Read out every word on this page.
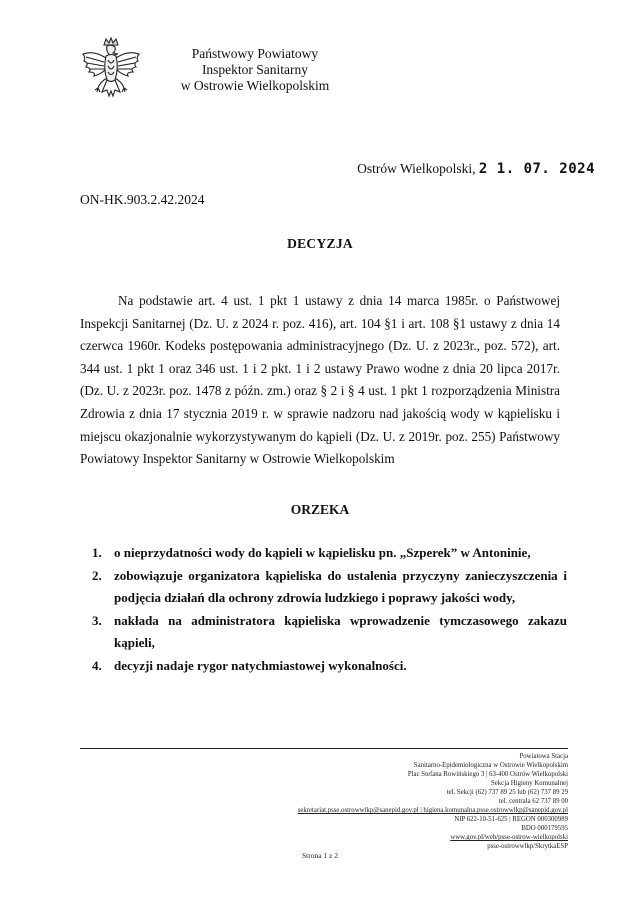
Państwowy Powiatowy
Inspektor Sanitarny
w Ostrowie Wielkopolskim
Ostrów Wielkopolski, 2 1. 07. 2024
ON-HK.903.2.42.2024
DECYZJA
Na podstawie art. 4 ust. 1 pkt 1 ustawy z dnia 14 marca 1985r. o Państwowej Inspekcji Sanitarnej (Dz. U. z 2024 r. poz. 416), art. 104 §1 i art. 108 §1 ustawy z dnia 14 czerwca 1960r. Kodeks postępowania administracyjnego (Dz. U. z 2023r., poz. 572), art. 344 ust. 1 pkt 1 oraz 346 ust. 1 i 2 pkt. 1 i 2 ustawy Prawo wodne z dnia 20 lipca 2017r. (Dz. U. z 2023r. poz. 1478 z późn. zm.) oraz § 2 i § 4 ust. 1 pkt 1 rozporządzenia Ministra Zdrowia z dnia 17 stycznia 2019 r. w sprawie nadzoru nad jakością wody w kąpielisku i miejscu okazjonalnie wykorzystywanym do kąpieli (Dz. U. z 2019r. poz. 255) Państwowy Powiatowy Inspektor Sanitarny w Ostrowie Wielkopolskim
ORZEKA
1. o nieprzydatności wody do kąpieli w kąpielisku pn. „Szperek” w Antoninie,
2. zobowiązuje organizatora kąpieliska do ustalenia przyczyny zanieczyszczenia i podjęcia działań dla ochrony zdrowia ludzkiego i poprawy jakości wody,
3. nakłada na administratora kąpieliska wprowadzenie tymczasowego zakazu kąpieli,
4. decyzji nadaje rygor natychmiastowej wykonalności.
Powiatowa Stacja
Sanitarno-Epidemiologiczna w Ostrowie Wielkopolskim
Plac Stefana Rowińskiego 3 | 63-400 Ostrów Wielkopolski
Sekcja Higieny Komunalnej
tel. Sekcji (62) 737 89 25 lub (62) 737 89 29
tel. centrala 62 737 89 00
sekretariat.psse.ostrowwlkp@sanepid.gov.pl | higiena.komunalna.psse.ostrowwlkp@sanepid.gov.pl
NIP 622-10-51-625 | REGON 000300989
BDO 000179595
www.gov.pl/web/psse-ostrow-wielkopolski
psse-ostrowwlkp/SkrytkaESP
Strona 1 z 2
